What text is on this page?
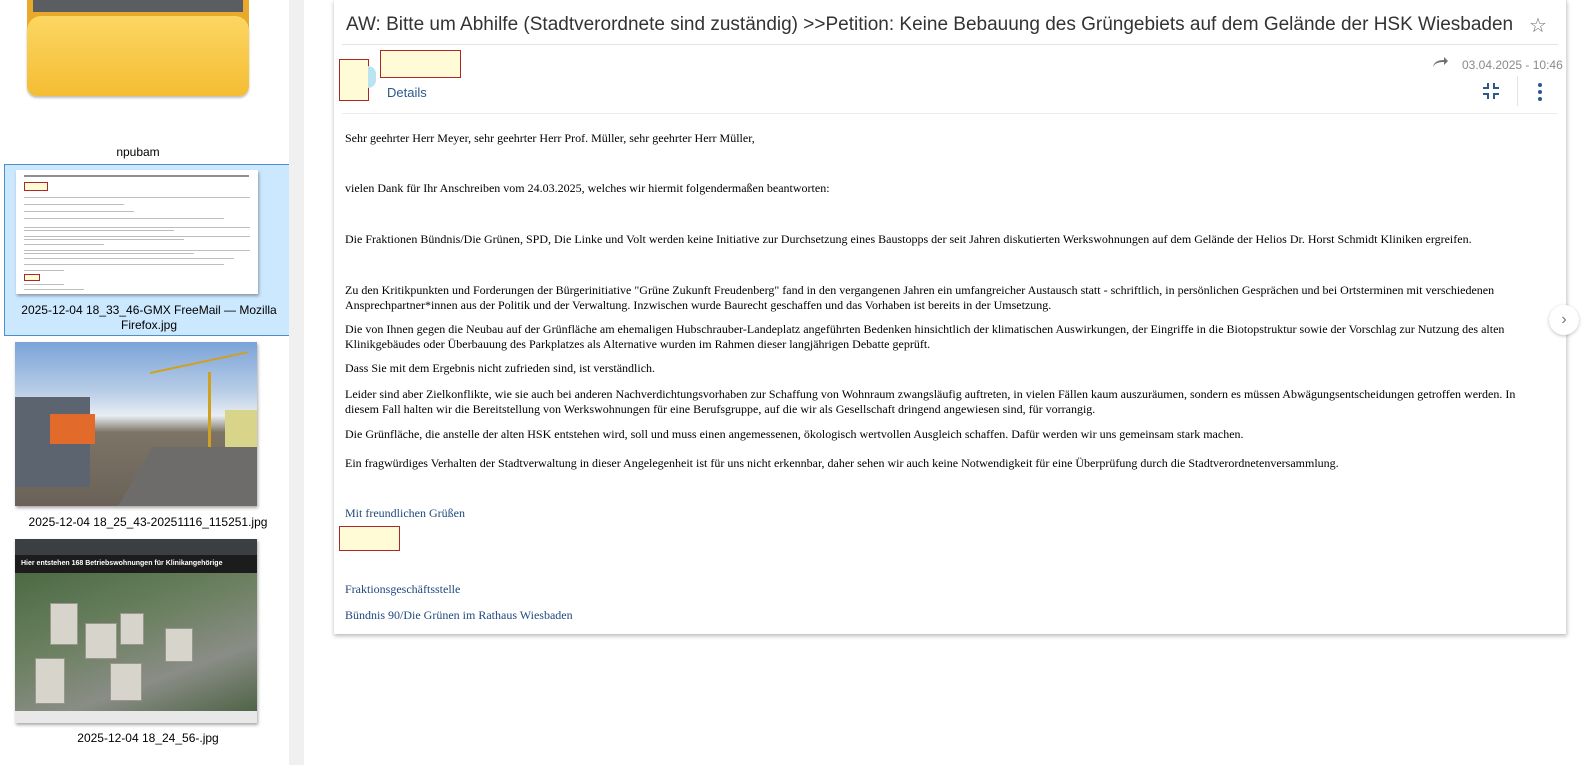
npubam
2025-12-04 18_33_46-GMX FreeMail — Mozilla Firefox.jpg
2025-12-04 18_25_43-20251116_115251.jpg
Hier entstehen 168 Betriebswohnungen für Klinikangehörige
2025-12-04 18_24_56-.jpg
AW: Bitte um Abhilfe (Stadtverordnete sind zuständig) >>Petition: Keine Bebauung des Grüngebiets auf dem Gelände der HSK Wiesbaden ☆
Details
03.04.2025 - 10:46
Sehr geehrter Herr Meyer, sehr geehrter Herr Prof. Müller, sehr geehrter Herr Müller,
vielen Dank für Ihr Anschreiben vom 24.03.2025, welches wir hiermit folgendermaßen beantworten:
Die Fraktionen Bündnis/Die Grünen, SPD, Die Linke und Volt werden keine Initiative zur Durchsetzung eines Baustopps der seit Jahren diskutierten Werkswohnungen auf dem Gelände der Helios Dr. Horst Schmidt Kliniken ergreifen.
Zu den Kritikpunkten und Forderungen der Bürgerinitiative "Grüne Zukunft Freudenberg" fand in den vergangenen Jahren ein umfangreicher Austausch statt - schriftlich, in persönlichen Gesprächen und bei Ortsterminen mit verschiedenen Ansprechpartner*innen aus der Politik und der Verwaltung. Inzwischen wurde Baurecht geschaffen und das Vorhaben ist bereits in der Umsetzung.
Die von Ihnen gegen die Neubau auf der Grünfläche am ehemaligen Hubschrauber-Landeplatz angeführten Bedenken hinsichtlich der klimatischen Auswirkungen, der Eingriffe in die Biotopstruktur sowie der Vorschlag zur Nutzung des alten Klinikgebäudes oder Überbauung des Parkplatzes als Alternative wurden im Rahmen dieser langjährigen Debatte geprüft.
Dass Sie mit dem Ergebnis nicht zufrieden sind, ist verständlich.
Leider sind aber Zielkonflikte, wie sie auch bei anderen Nachverdichtungsvorhaben zur Schaffung von Wohnraum zwangsläufig auftreten, in vielen Fällen kaum auszuräumen, sondern es müssen Abwägungsentscheidungen getroffen werden. In diesem Fall halten wir die Bereitstellung von Werkswohnungen für eine Berufsgruppe, auf die wir als Gesellschaft dringend angewiesen sind, für vorrangig.
Die Grünfläche, die anstelle der alten HSK entstehen wird, soll und muss einen angemessenen, ökologisch wertvollen Ausgleich schaffen. Dafür werden wir uns gemeinsam stark machen.
Ein fragwürdiges Verhalten der Stadtverwaltung in dieser Angelegenheit ist für uns nicht erkennbar, daher sehen wir auch keine Notwendigkeit für eine Überprüfung durch die Stadtverordnetenversammlung.
Mit freundlichen Grüßen
Fraktionsgeschäftsstelle
Bündnis 90/Die Grünen im Rathaus Wiesbaden
›
